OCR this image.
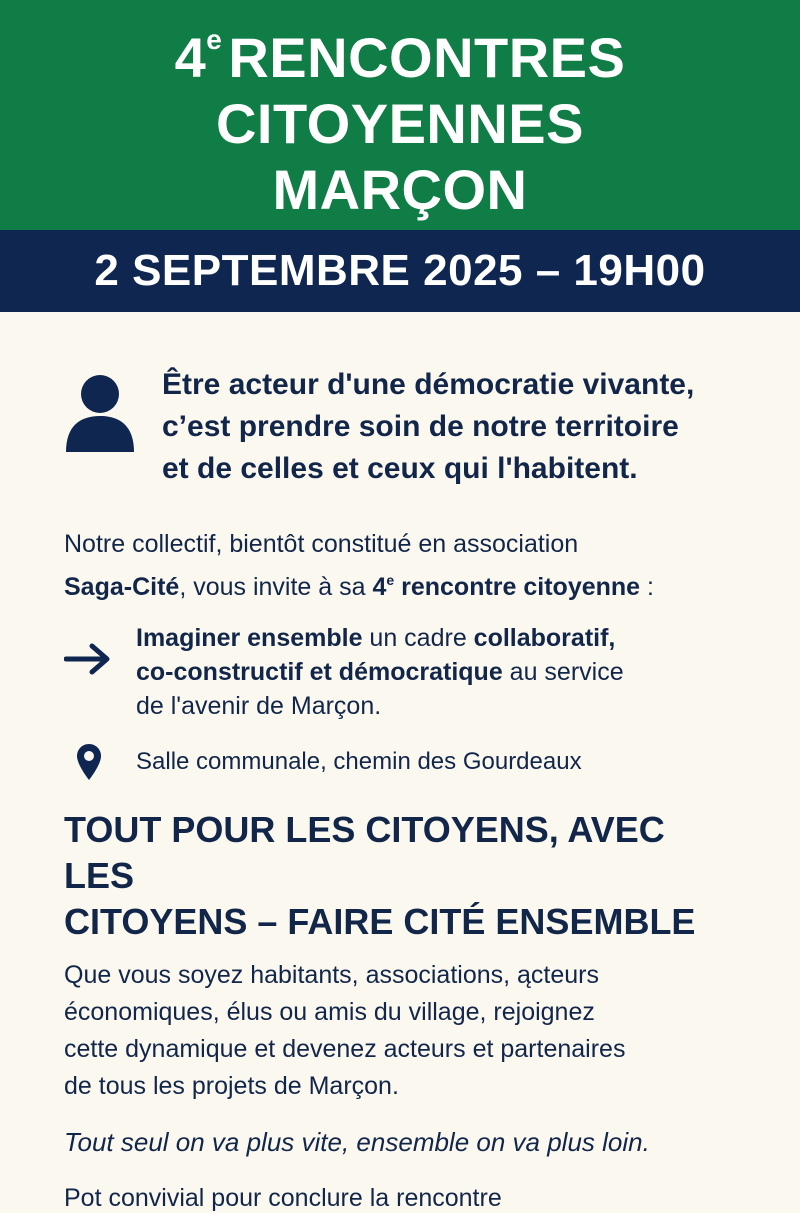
4e RENCONTRES CITOYENNES
MARÇON
2 SEPTEMBRE 2025 – 19H00
Être acteur d'une démocratie vivante,
c’est prendre soin de notre territoire
et de celles et ceux qui l'habitent.
Notre collectif, bientôt constitué en association
Saga-Cité, vous invite à sa 4e rencontre citoyenne :
Imaginer ensemble un cadre collaboratif,
co-constructif et démocratique au service
de l'avenir de Marçon.
Salle communale, chemin des Gourdeaux
TOUT POUR LES CITOYENS, AVEC LES
CITOYENS – FAIRE CITÉ ENSEMBLE
Que vous soyez habitants, associations, ącteurs
économiques, élus ou amis du village, rejoignez
cette dynamique et devenez acteurs et partenaires
de tous les projets de Marçon.
Tout seul on va plus vite, ensemble on va plus loin.
Pot convivial pour conclure la rencontre
